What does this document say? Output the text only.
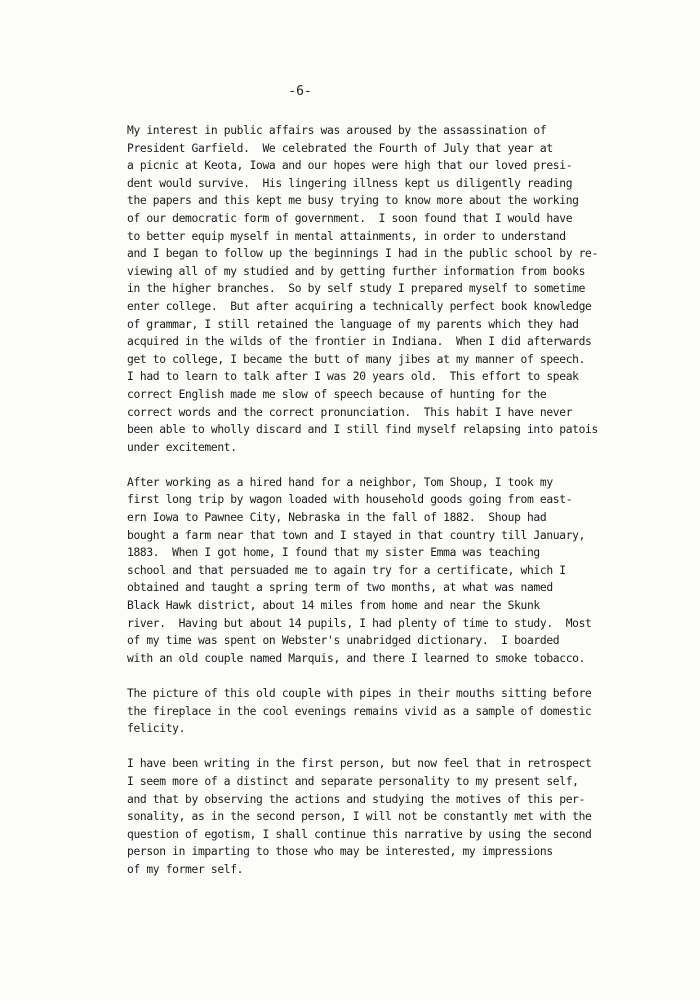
-6-
My interest in public affairs was aroused by the assassination of
President Garfield.  We celebrated the Fourth of July that year at
a picnic at Keota, Iowa and our hopes were high that our loved presi-
dent would survive.  His lingering illness kept us diligently reading
the papers and this kept me busy trying to know more about the working
of our democratic form of government.  I soon found that I would have
to better equip myself in mental attainments, in order to understand
and I began to follow up the beginnings I had in the public school by re-
viewing all of my studied and by getting further information from books
in the higher branches.  So by self study I prepared myself to sometime
enter college.  But after acquiring a technically perfect book knowledge
of grammar, I still retained the language of my parents which they had
acquired in the wilds of the frontier in Indiana.  When I did afterwards
get to college, I became the butt of many jibes at my manner of speech.
I had to learn to talk after I was 20 years old.  This effort to speak
correct English made me slow of speech because of hunting for the
correct words and the correct pronunciation.  This habit I have never
been able to wholly discard and I still find myself relapsing into patois
under excitement.
After working as a hired hand for a neighbor, Tom Shoup, I took my
first long trip by wagon loaded with household goods going from east-
ern Iowa to Pawnee City, Nebraska in the fall of 1882.  Shoup had
bought a farm near that town and I stayed in that country till January,
1883.  When I got home, I found that my sister Emma was teaching
school and that persuaded me to again try for a certificate, which I
obtained and taught a spring term of two months, at what was named
Black Hawk district, about 14 miles from home and near the Skunk
river.  Having but about 14 pupils, I had plenty of time to study.  Most
of my time was spent on Webster's unabridged dictionary.  I boarded
with an old couple named Marquis, and there I learned to smoke tobacco.
The picture of this old couple with pipes in their mouths sitting before
the fireplace in the cool evenings remains vivid as a sample of domestic
felicity.
I have been writing in the first person, but now feel that in retrospect
I seem more of a distinct and separate personality to my present self,
and that by observing the actions and studying the motives of this per-
sonality, as in the second person, I will not be constantly met with the
question of egotism, I shall continue this narrative by using the second
person in imparting to those who may be interested, my impressions
of my former self.
